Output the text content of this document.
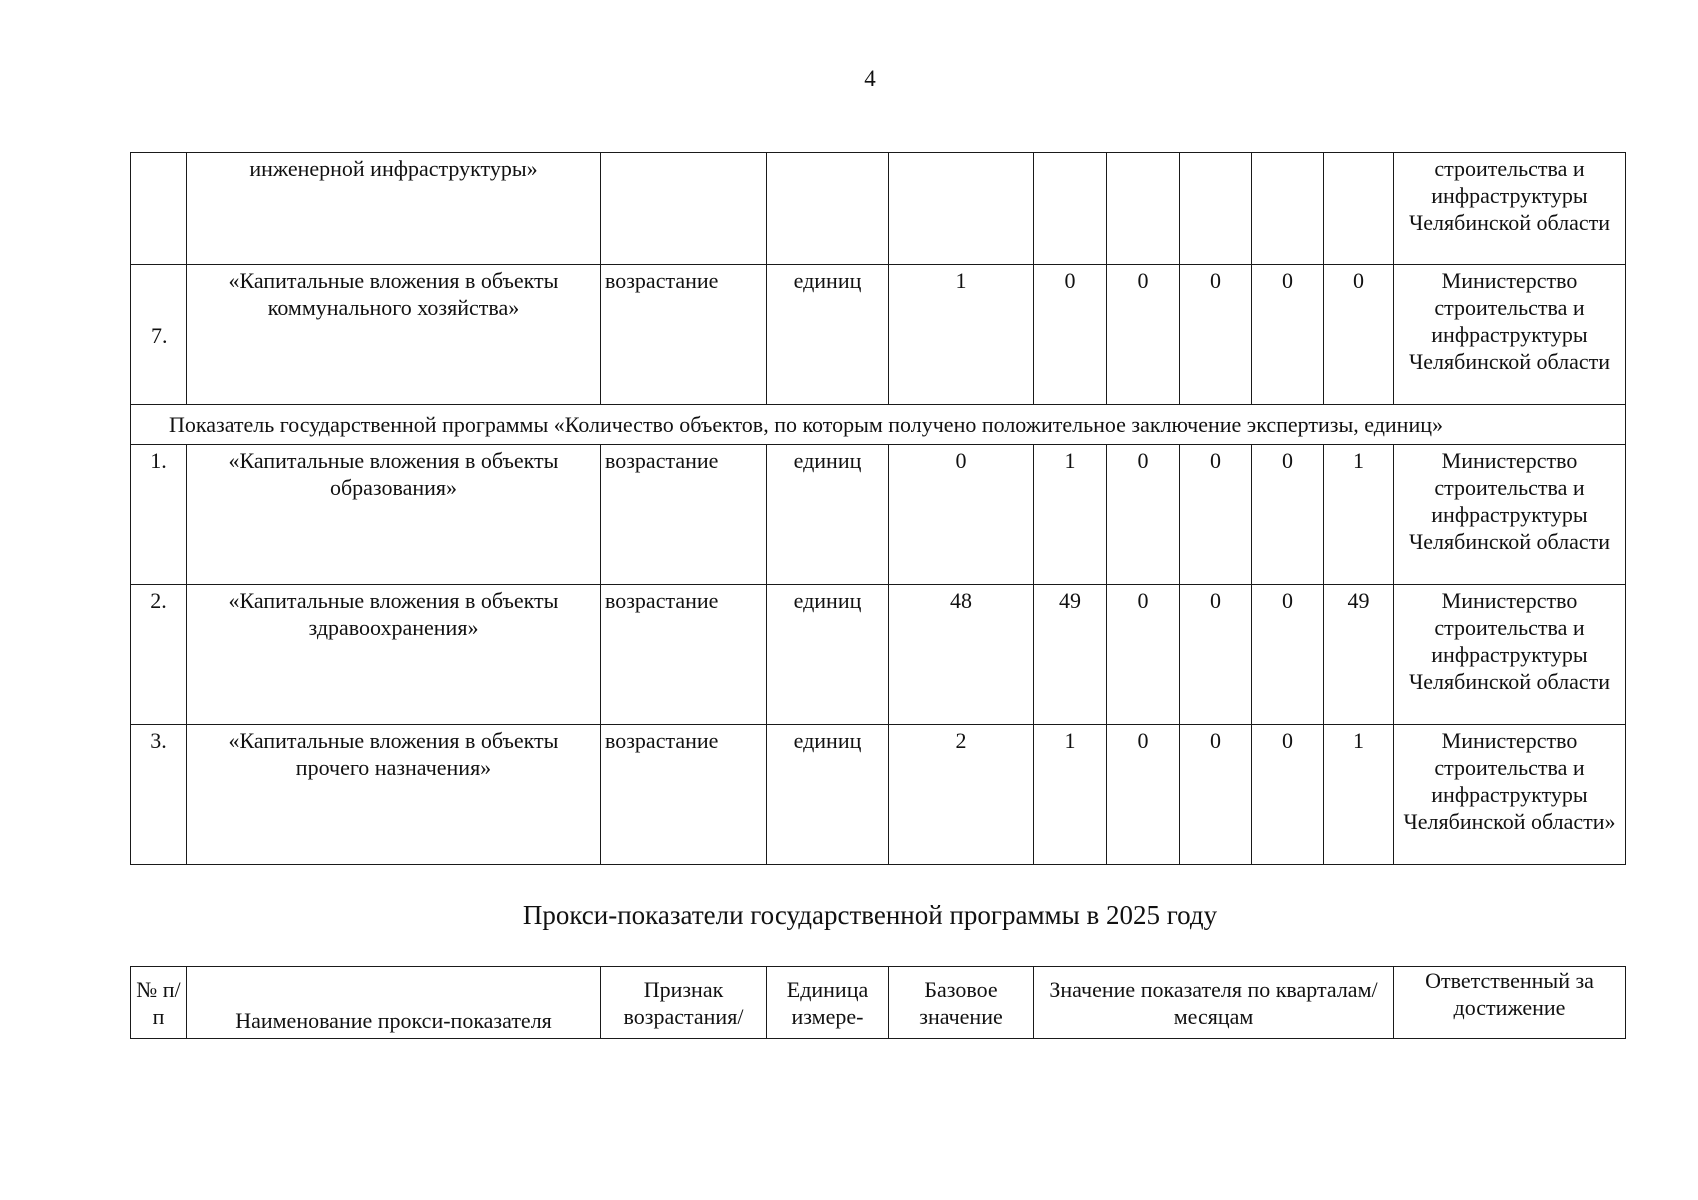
4
	инженерной инфраструктуры»									строительства и инфраструктуры Челябинской области
7.	«Капитальные вложения в объекты коммунального хозяйства»	возрастание	единиц	1	0	0	0	0	0	Министерство строительства и инфраструктуры Челябинской области
Показатель государственной программы «Количество объектов, по которым получено положительное заключение экспертизы, единиц»										
1.	«Капитальные вложения в объекты образования»	возрастание	единиц	0	1	0	0	0	1	Министерство строительства и инфраструктуры Челябинской области
2.	«Капитальные вложения в объекты здравоохранения»	возрастание	единиц	48	49	0	0	0	49	Министерство строительства и инфраструктуры Челябинской области
3.	«Капитальные вложения в объекты прочего назначения»	возрастание	единиц	2	1	0	0	0	1	Министерство строительства и инфраструктуры Челябинской области»
Прокси-показатели государственной программы в 2025 году
№ п/п	Наименование прокси-показателя	Признак возрастания/	Единица измере-	Базовое значение	Значение показателя по кварталам/месяцам	Ответственный за достижение
